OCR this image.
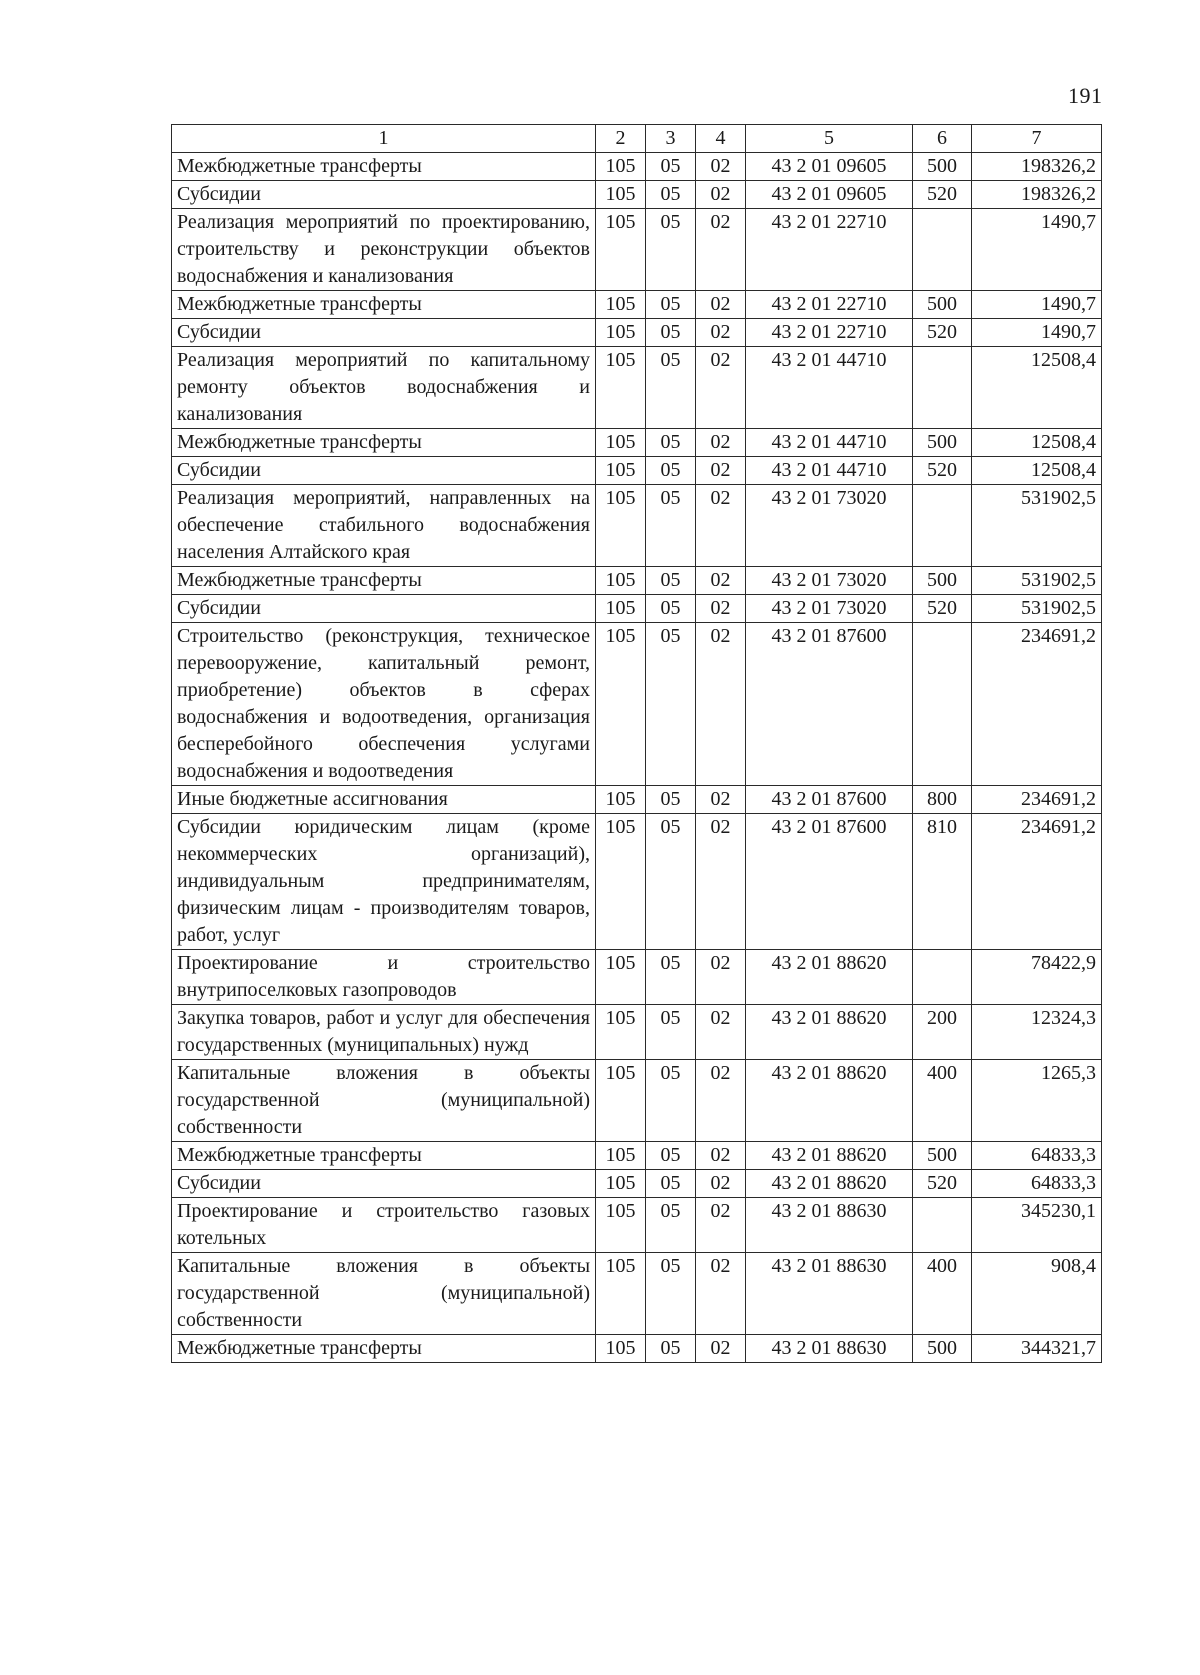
191
1	2	3	4	5	6	7
Межбюджетные трансферты	105	05	02	43 2 01 09605	500	198326,2
Субсидии	105	05	02	43 2 01 09605	520	198326,2
Реализация мероприятий по проектированию, строительству и реконструкции объектов водоснабжения и канализования	105	05	02	43 2 01 22710		1490,7
Межбюджетные трансферты	105	05	02	43 2 01 22710	500	1490,7
Субсидии	105	05	02	43 2 01 22710	520	1490,7
Реализация мероприятий по капитальному ремонту объектов водоснабжения и канализования	105	05	02	43 2 01 44710		12508,4
Межбюджетные трансферты	105	05	02	43 2 01 44710	500	12508,4
Субсидии	105	05	02	43 2 01 44710	520	12508,4
Реализация мероприятий, направленных на обеспечение стабильного водоснабжения населения Алтайского края	105	05	02	43 2 01 73020		531902,5
Межбюджетные трансферты	105	05	02	43 2 01 73020	500	531902,5
Субсидии	105	05	02	43 2 01 73020	520	531902,5
Строительство (реконструкция, техническое перевооружение, капитальный ремонт, приобретение) объектов в сферах водоснабжения и водоотведения, организация бесперебойного обеспечения услугами водоснабжения и водоотведения	105	05	02	43 2 01 87600		234691,2
Иные бюджетные ассигнования	105	05	02	43 2 01 87600	800	234691,2
Субсидии юридическим лицам (кроме некоммерческих организаций), индивидуальным предпринимателям, физическим лицам - производителям товаров, работ, услуг	105	05	02	43 2 01 87600	810	234691,2
Проектирование и строительство внутрипоселковых газопроводов	105	05	02	43 2 01 88620		78422,9
Закупка товаров, работ и услуг для обеспечения государственных (муниципальных) нужд	105	05	02	43 2 01 88620	200	12324,3
Капитальные вложения в объекты государственной (муниципальной) собственности	105	05	02	43 2 01 88620	400	1265,3
Межбюджетные трансферты	105	05	02	43 2 01 88620	500	64833,3
Субсидии	105	05	02	43 2 01 88620	520	64833,3
Проектирование и строительство газовых котельных	105	05	02	43 2 01 88630		345230,1
Капитальные вложения в объекты государственной (муниципальной) собственности	105	05	02	43 2 01 88630	400	908,4
Межбюджетные трансферты	105	05	02	43 2 01 88630	500	344321,7
